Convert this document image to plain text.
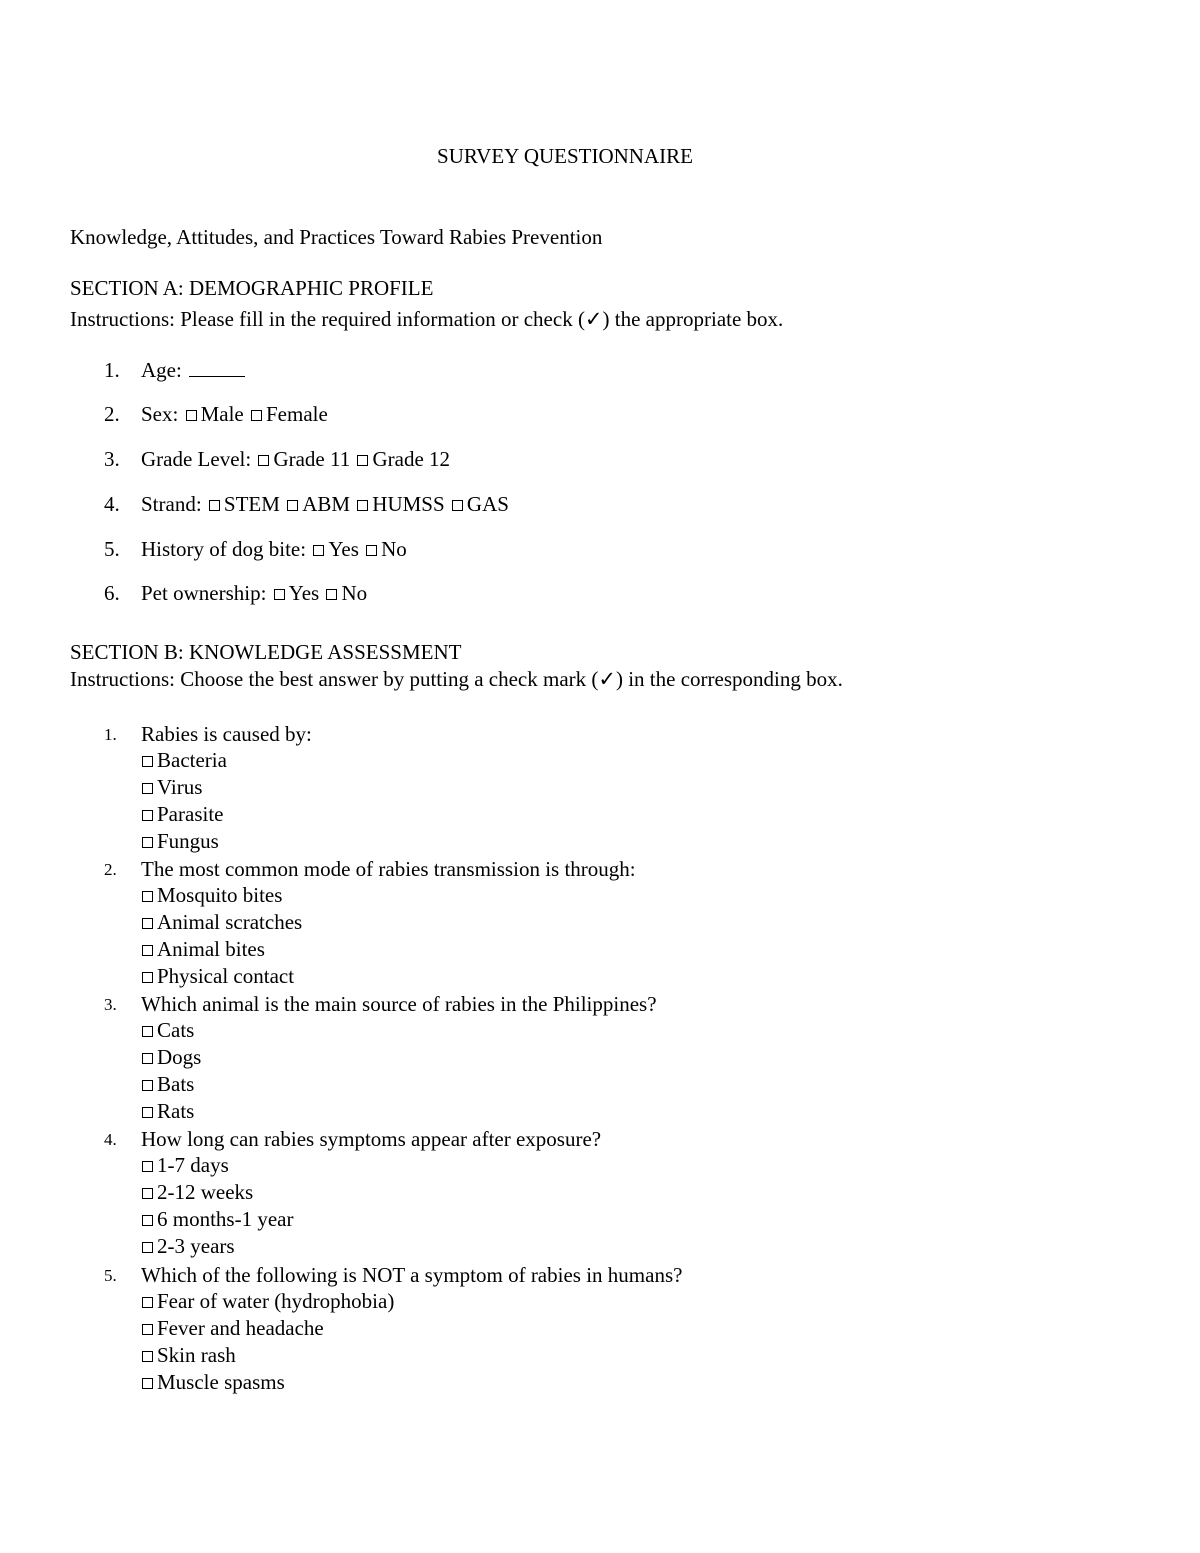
SURVEY QUESTIONNAIRE
Knowledge, Attitudes, and Practices Toward Rabies Prevention
SECTION A: DEMOGRAPHIC PROFILE
Instructions: Please fill in the required information or check (✓) the appropriate box.
1. Age:
2. Sex: Male Female
3. Grade Level: Grade 11 Grade 12
4. Strand: STEM ABM HUMSS GAS
5. History of dog bite: Yes No
6. Pet ownership: Yes No
SECTION B: KNOWLEDGE ASSESSMENT
Instructions: Choose the best answer by putting a check mark (✓) in the corresponding box.
1. Rabies is caused by:
Bacteria
Virus
Parasite
Fungus
2. The most common mode of rabies transmission is through:
Mosquito bites
Animal scratches
Animal bites
Physical contact
3. Which animal is the main source of rabies in the Philippines?
Cats
Dogs
Bats
Rats
4. How long can rabies symptoms appear after exposure?
1-7 days
2-12 weeks
6 months-1 year
2-3 years
5. Which of the following is NOT a symptom of rabies in humans?
Fear of water (hydrophobia)
Fever and headache
Skin rash
Muscle spasms
